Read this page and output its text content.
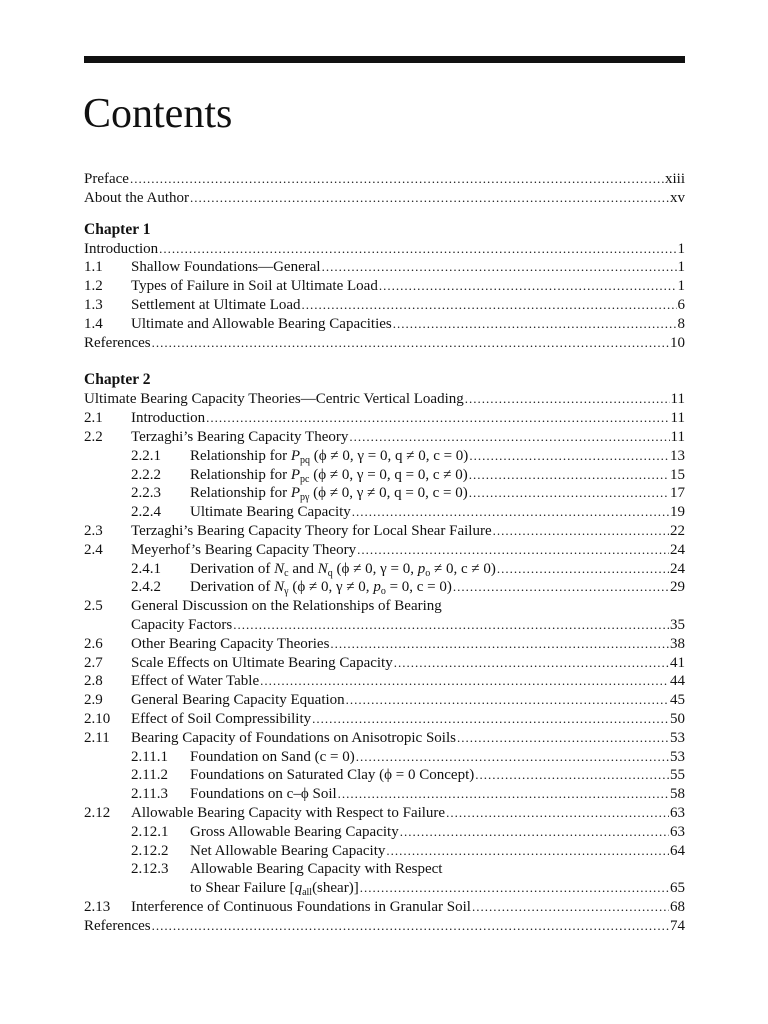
Contents
Preface .....	xiii
About the Author .....	xv
Chapter 1
Introduction .....	1
1.1	Shallow Foundations—General .....	1
1.2	Types of Failure in Soil at Ultimate Load .....	1
1.3	Settlement at Ultimate Load .....	6
1.4	Ultimate and Allowable Bearing Capacities .....	8
References .....	10
Chapter 2
Ultimate Bearing Capacity Theories—Centric Vertical Loading .....	11
2.1	Introduction .....	11
2.2	Terzaghi’s Bearing Capacity Theory .....	11
2.2.1	Relationship for $P_{pq}$ (ϕ ≠ 0, γ = 0, q ≠ 0, c = 0) .....	13
2.2.2	Relationship for $P_{pc}$ (ϕ ≠ 0, γ = 0, q = 0, c ≠ 0) .....	15
2.2.3	Relationship for $P_{p\gamma}$ (ϕ ≠ 0, γ ≠ 0, q = 0, c = 0) .....	17
2.2.4	Ultimate Bearing Capacity .....	19
2.3	Terzaghi’s Bearing Capacity Theory for Local Shear Failure .....	22
2.4	Meyerhof’s Bearing Capacity Theory .....	24
2.4.1	Derivation of $N_c$ and $N_q$ (ϕ ≠ 0, γ = 0, $p_o \ne 0$, c ≠ 0) .....	24
2.4.2	Derivation of $N_\gamma$ (ϕ ≠ 0, γ ≠ 0, $p_o = 0$, c = 0) .....	29
2.5	General Discussion on the Relationships of Bearing
Capacity Factors .....	35
2.6	Other Bearing Capacity Theories .....	38
2.7	Scale Effects on Ultimate Bearing Capacity .....	41
2.8	Effect of Water Table .....	44
2.9	General Bearing Capacity Equation .....	45
2.10	Effect of Soil Compressibility .....	50
2.11	Bearing Capacity of Foundations on Anisotropic Soils .....	53
2.11.1	Foundation on Sand (c = 0) .....	53
2.11.2	Foundations on Saturated Clay (ϕ = 0 Concept) .....	55
2.11.3	Foundations on c–ϕ Soil .....	58
2.12	Allowable Bearing Capacity with Respect to Failure .....	63
2.12.1	Gross Allowable Bearing Capacity .....	63
2.12.2	Net Allowable Bearing Capacity .....	64
2.12.3	Allowable Bearing Capacity with Respect
to Shear Failure $[q_{all}(shear)]$ .....	65
2.13	Interference of Continuous Foundations in Granular Soil .....	68
References .....	74
